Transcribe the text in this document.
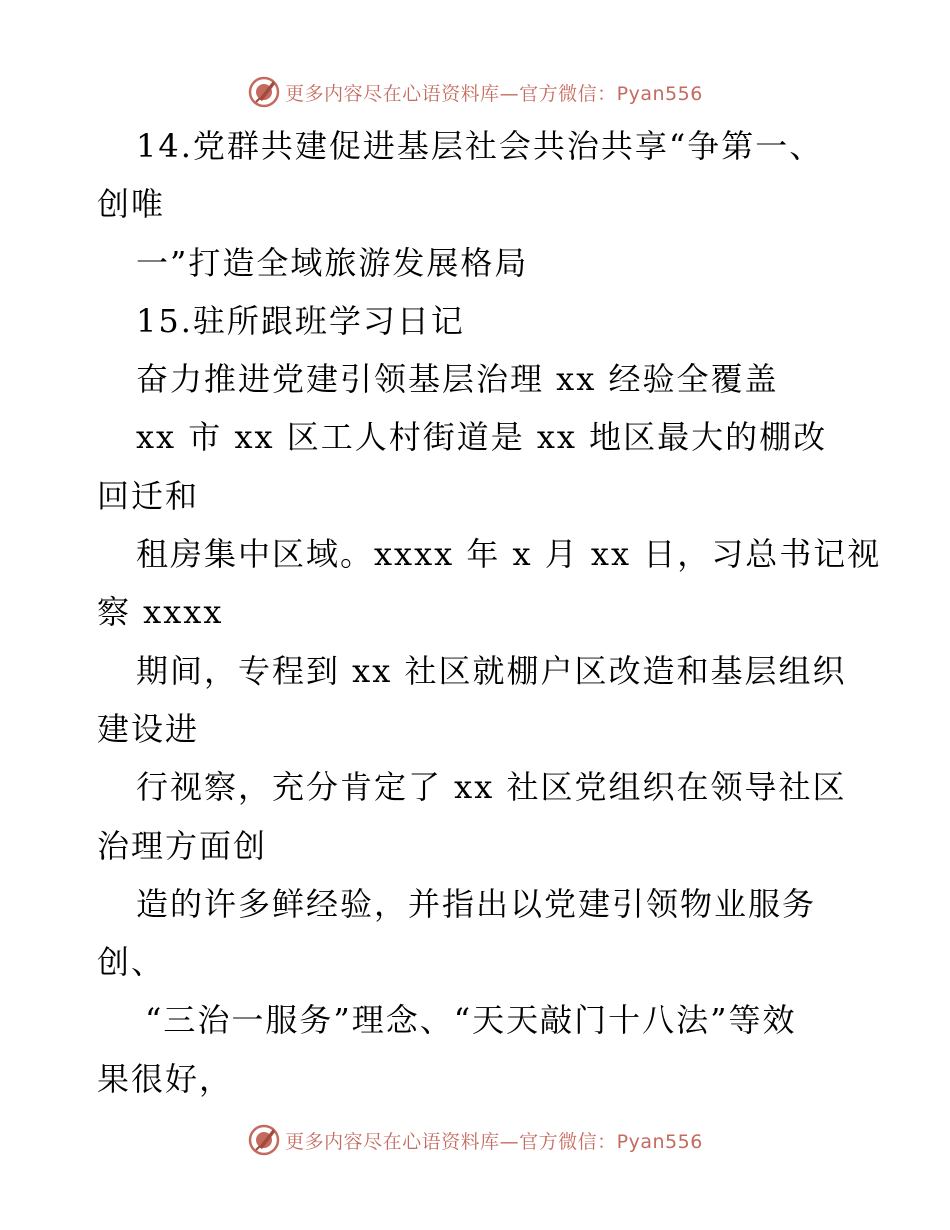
更多内容尽在心语资料库—官方微信：Pyan556
14.党群共建促进基层社会共治共享“争第一、
创唯
一”打造全域旅游发展格局
15.驻所跟班学习日记
奋力推进党建引领基层治理 xx 经验全覆盖
xx 市 xx 区工人村街道是 xx 地区最大的棚改
回迁和
租房集中区域。xxxx 年 x 月 xx 日，习总书记视
察 xxxx
期间，专程到 xx 社区就棚户区改造和基层组织
建设进
行视察，充分肯定了 xx 社区党组织在领导社区
治理方面创
造的许多鲜经验，并指出以党建引领物业服务
创、
“三治一服务”理念、“天天敲门十八法”等效
果很好，
更多内容尽在心语资料库—官方微信：Pyan556
